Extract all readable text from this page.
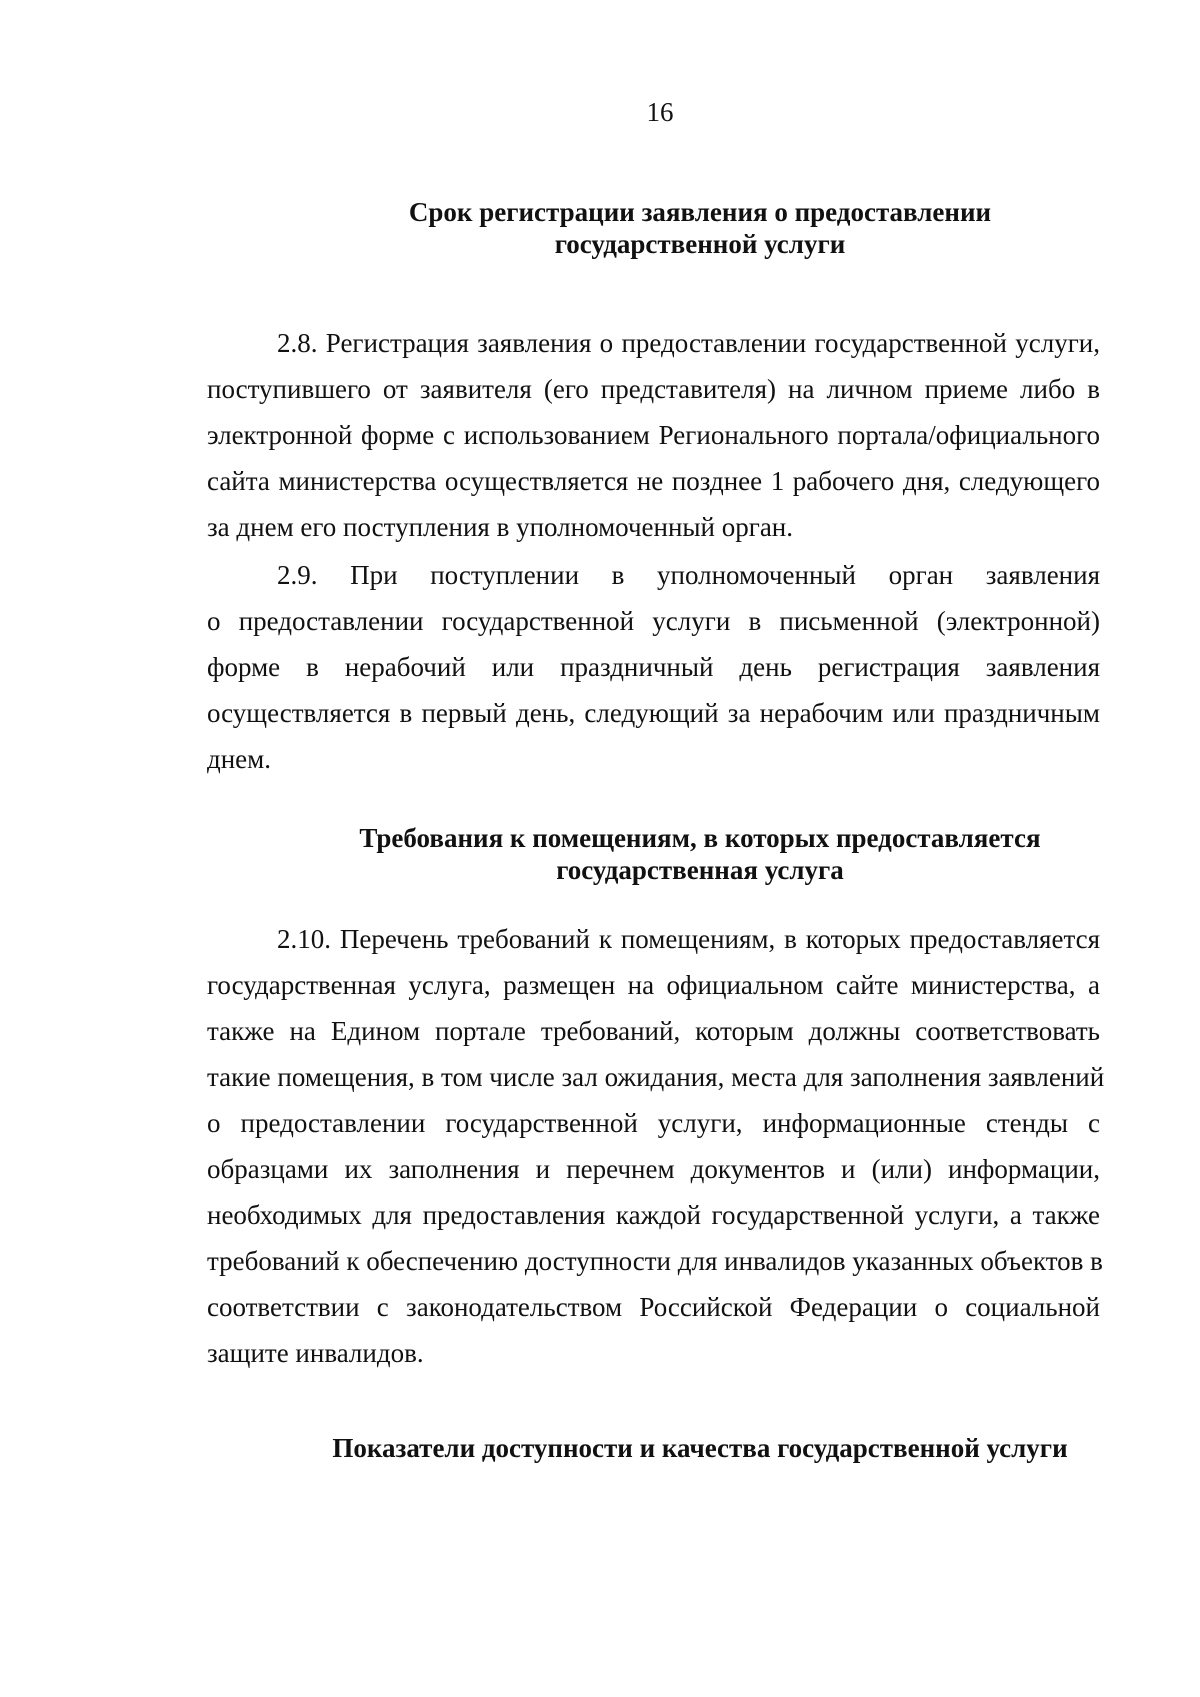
16
Срок регистрации заявления о предоставлении
государственной услуги
2.8. Регистрация заявления о предоставлении государственной услуги,
поступившего от заявителя (его представителя) на личном приеме либо в
электронной форме с использованием Регионального портала/официального
сайта министерства осуществляется не позднее 1 рабочего дня, следующего
за днем его поступления в уполномоченный орган.
2.9. При поступлении в уполномоченный орган заявления
о предоставлении государственной услуги в письменной (электронной)
форме в нерабочий или праздничный день регистрация заявления
осуществляется в первый день, следующий за нерабочим или праздничным
днем.
Требования к помещениям, в которых предоставляется
государственная услуга
2.10. Перечень требований к помещениям, в которых предоставляется
государственная услуга, размещен на официальном сайте министерства, а
также на Едином портале требований, которым должны соответствовать
такие помещения, в том числе зал ожидания, места для заполнения заявлений
о предоставлении государственной услуги, информационные стенды с
образцами их заполнения и перечнем документов и (или) информации,
необходимых для предоставления каждой государственной услуги, а также
требований к обеспечению доступности для инвалидов указанных объектов в
соответствии с законодательством Российской Федерации о социальной
защите инвалидов.
Показатели доступности и качества государственной услуги
